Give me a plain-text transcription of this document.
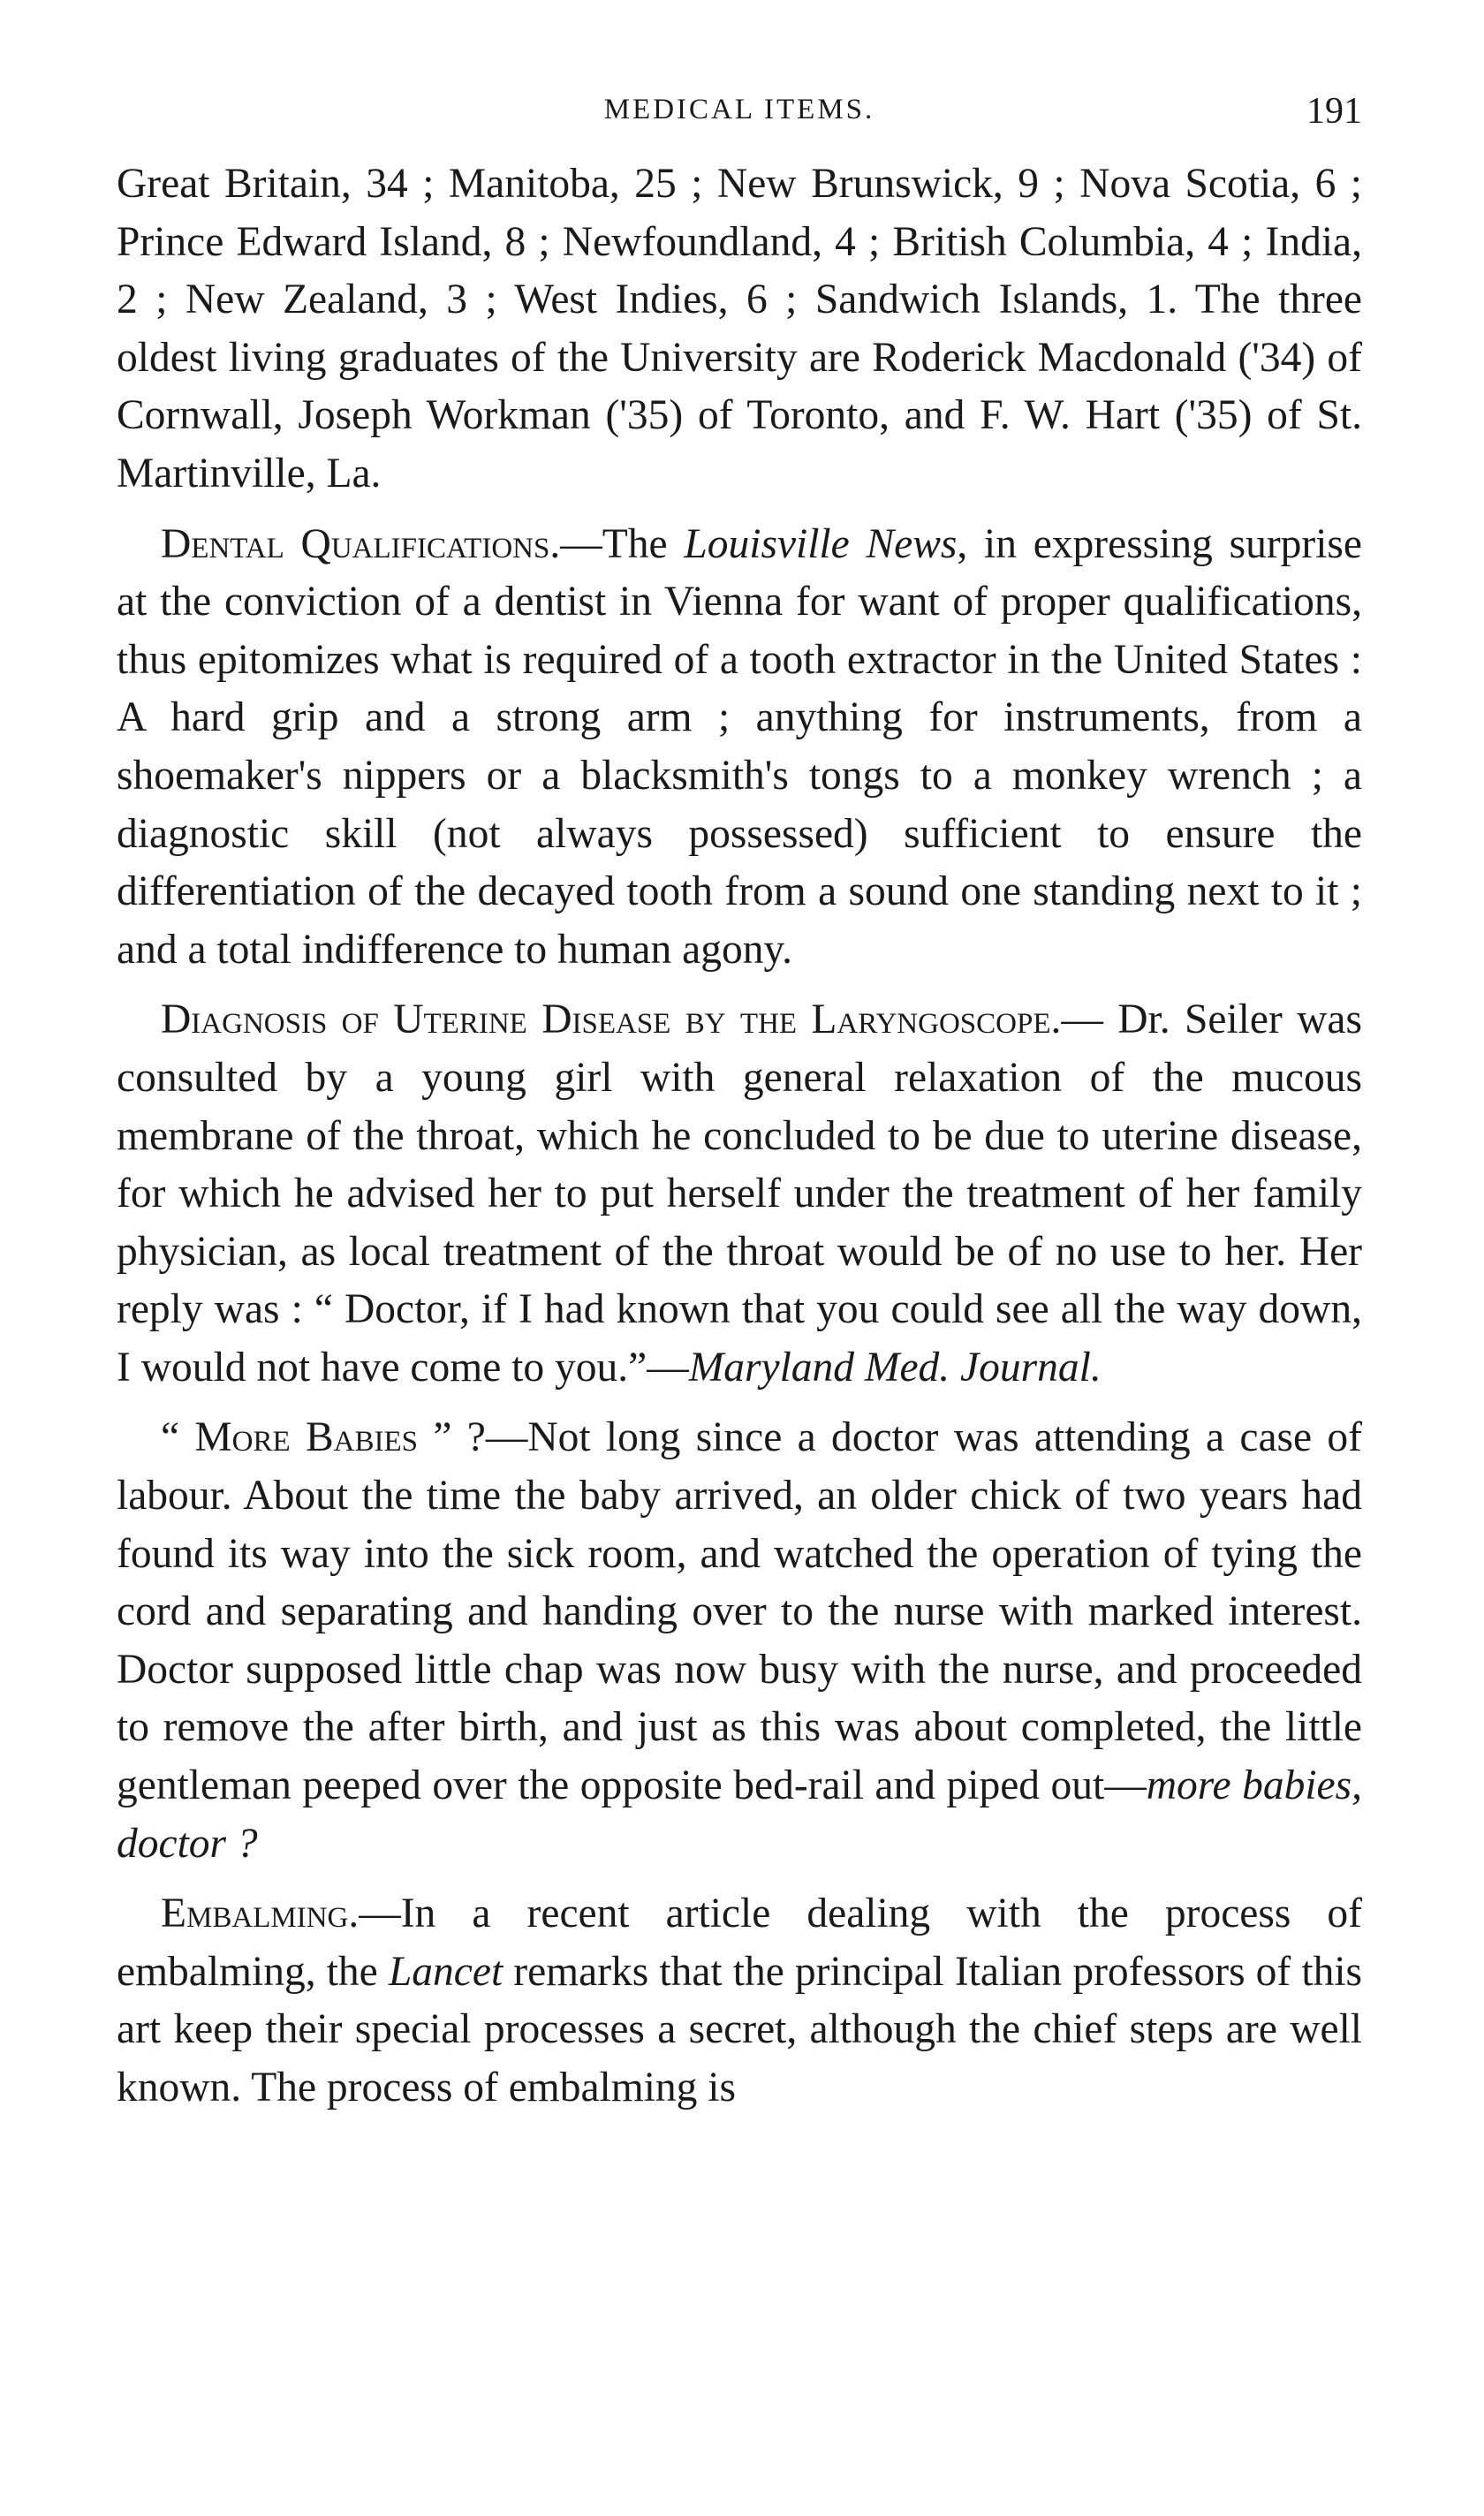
MEDICAL ITEMS.	191

Great Britain, 34 ; Manitoba, 25 ; New Brunswick, 9 ; Nova Scotia, 6 ; Prince Edward Island, 8 ; Newfoundland, 4 ; British Columbia, 4 ; India, 2 ; New Zealand, 3 ; West Indies, 6 ; Sandwich Islands, 1. The three oldest living graduates of the University are Roderick Macdonald ('34) of Cornwall, Joseph Workman ('35) of Toronto, and F. W. Hart ('35) of St. Martinville, La.

Dental Qualifications.—The Louisville News, in expressing surprise at the conviction of a dentist in Vienna for want of proper qualifications, thus epitomizes what is required of a tooth extractor in the United States : A hard grip and a strong arm ; anything for instruments, from a shoemaker's nippers or a blacksmith's tongs to a monkey wrench ; a diagnostic skill (not always possessed) sufficient to ensure the differentiation of the decayed tooth from a sound one standing next to it ; and a total indifference to human agony.

Diagnosis of Uterine Disease by the Laryngoscope.— Dr. Seiler was consulted by a young girl with general relaxation of the mucous membrane of the throat, which he concluded to be due to uterine disease, for which he advised her to put herself under the treatment of her family physician, as local treatment of the throat would be of no use to her. Her reply was : “ Doctor, if I had known that you could see all the way down, I would not have come to you.”—Maryland Med. Journal.

“ More Babies ” ?—Not long since a doctor was attending a case of labour. About the time the baby arrived, an older chick of two years had found its way into the sick room, and watched the operation of tying the cord and separating and handing over to the nurse with marked interest. Doctor supposed little chap was now busy with the nurse, and proceeded to remove the after birth, and just as this was about completed, the little gentleman peeped over the opposite bed-rail and piped out—more babies, doctor ?

Embalming.—In a recent article dealing with the process of embalming, the Lancet remarks that the principal Italian professors of this art keep their special processes a secret, although the chief steps are well known. The process of embalming is
